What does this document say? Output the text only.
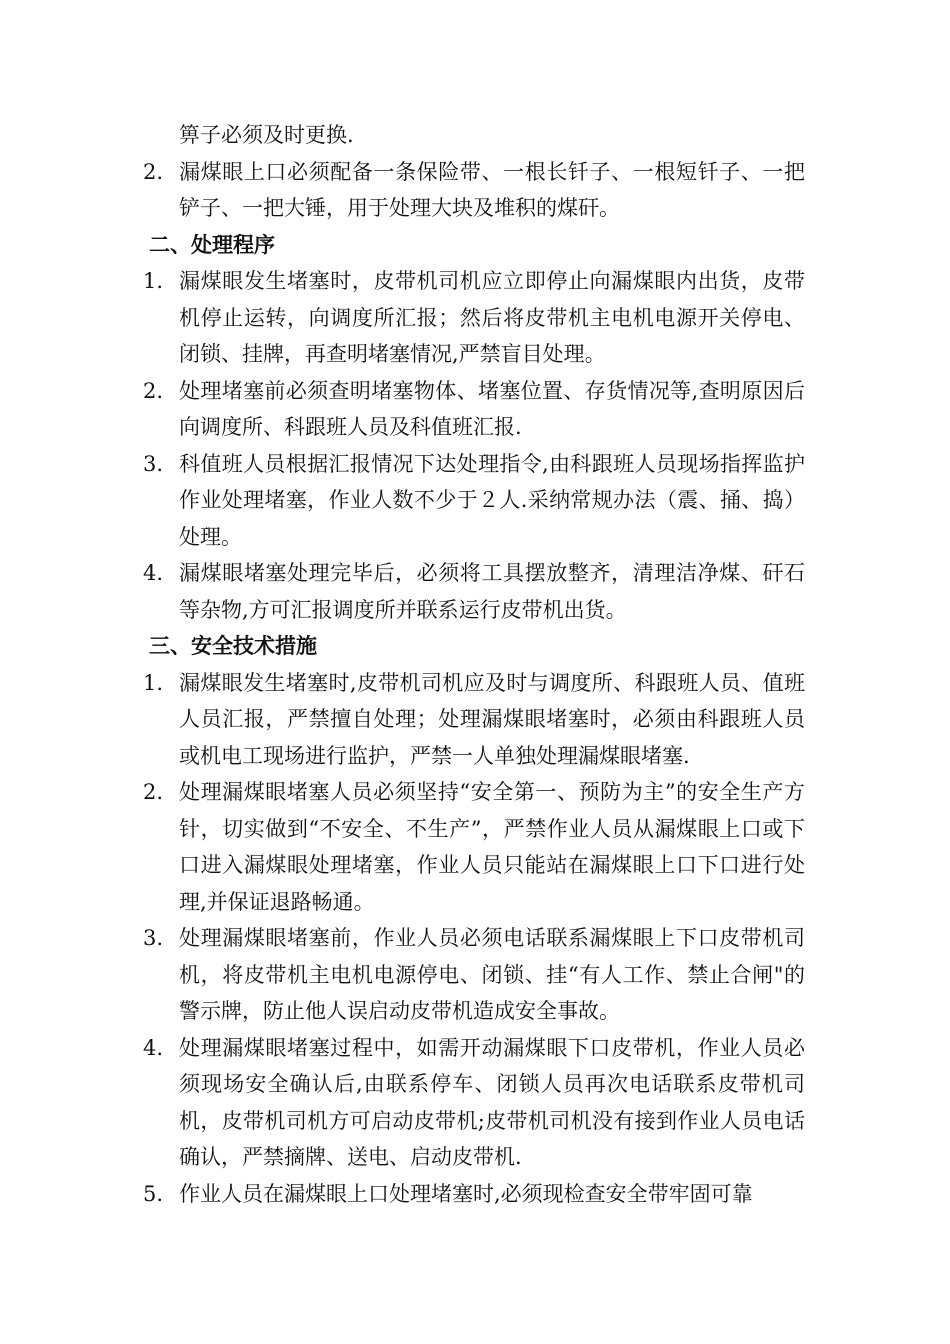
箅子必须及时更换.

2. 漏煤眼上口必须配备一条保险带、一根长钎子、一根短钎子、一把铲子、一把大锤，用于处理大块及堆积的煤矸。

二、处理程序

1. 漏煤眼发生堵塞时，皮带机司机应立即停止向漏煤眼内出货，皮带机停止运转，向调度所汇报；然后将皮带机主电机电源开关停电、闭锁、挂牌，再查明堵塞情况,严禁盲目处理。
2. 处理堵塞前必须查明堵塞物体、堵塞位置、存货情况等,查明原因后向调度所、科跟班人员及科值班汇报.
3. 科值班人员根据汇报情况下达处理指令,由科跟班人员现场指挥监护作业处理堵塞，作业人数不少于２人.采纳常规办法（震、捅、捣）处理。
4. 漏煤眼堵塞处理完毕后，必须将工具摆放整齐，清理洁净煤、矸石等杂物,方可汇报调度所并联系运行皮带机出货。

三、安全技术措施

1. 漏煤眼发生堵塞时,皮带机司机应及时与调度所、科跟班人员、值班人员汇报，严禁擅自处理；处理漏煤眼堵塞时，必须由科跟班人员或机电工现场进行监护，严禁一人单独处理漏煤眼堵塞.
2. 处理漏煤眼堵塞人员必须坚持“安全第一、预防为主”的安全生产方针，切实做到“不安全、不生产”，严禁作业人员从漏煤眼上口或下口进入漏煤眼处理堵塞，作业人员只能站在漏煤眼上口下口进行处理,并保证退路畅通。
3. 处理漏煤眼堵塞前，作业人员必须电话联系漏煤眼上下口皮带机司机，将皮带机主电机电源停电、闭锁、挂“有人工作、禁止合闸"的警示牌，防止他人误启动皮带机造成安全事故。
4. 处理漏煤眼堵塞过程中，如需开动漏煤眼下口皮带机，作业人员必须现场安全确认后,由联系停车、闭锁人员再次电话联系皮带机司机，皮带机司机方可启动皮带机;皮带机司机没有接到作业人员电话确认，严禁摘牌、送电、启动皮带机.
5. 作业人员在漏煤眼上口处理堵塞时,必须现检查安全带牢固可靠
